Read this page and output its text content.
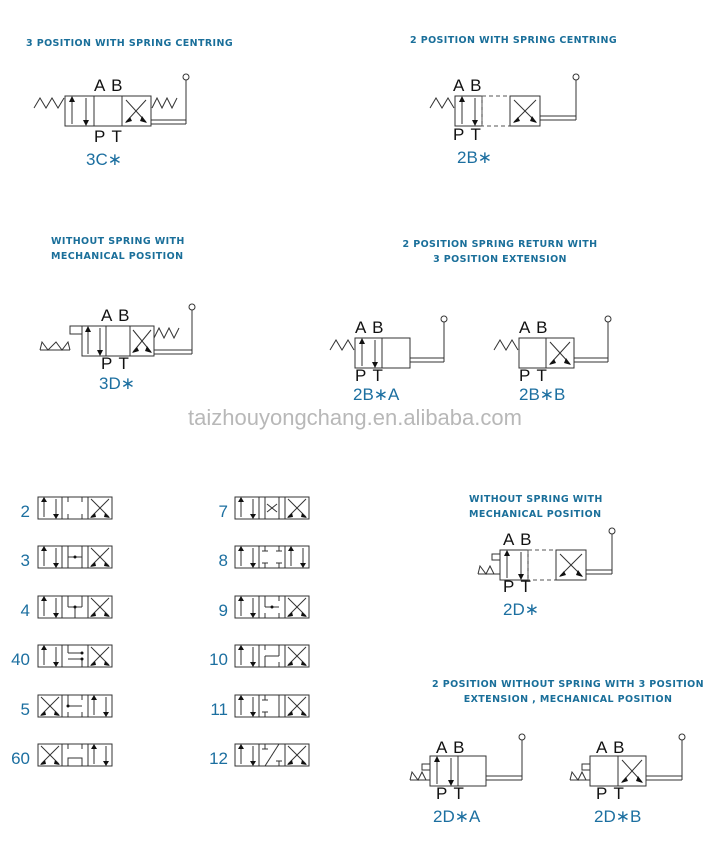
3 POSITION WITH SPRING CENTRING	2 POSITION WITH SPRING CENTRING
WITHOUT SPRING WITH
MECHANICAL POSITION
2 POSITION SPRING RETURN WITH
3 POSITION EXTENSION
WITHOUT SPRING WITH
MECHANICAL POSITION
2 POSITION WITHOUT SPRING WITH 3 POSITION
EXTENSION , MECHANICAL POSITION
A B
P T
3C∗
A B
P T
2B∗
A B
P T
3D∗
A B
P T
2B∗A
A B
P T
2B∗B
taizhouyongchang.en.alibaba.com
2
3
4
40
5
60
7
8
9
10
11
12
A B
P T
2D∗
A B
P T
2D∗A
A B
P T
2D∗B
